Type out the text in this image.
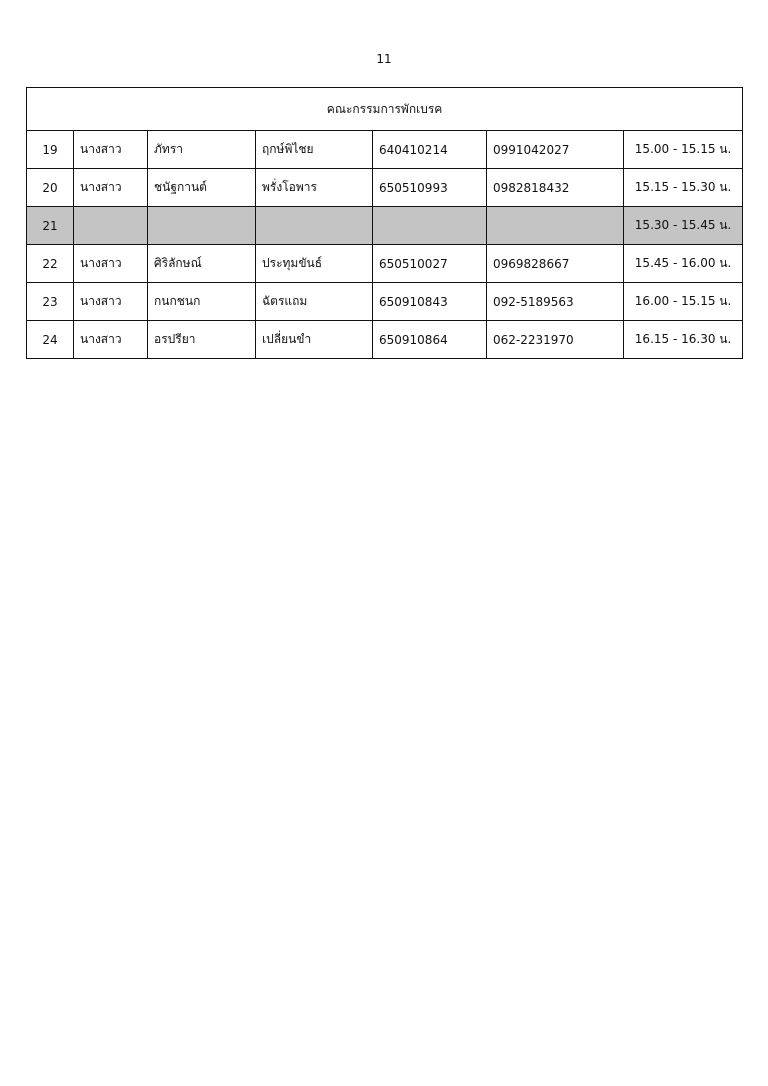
11
คณะกรรมการพักเบรค						
19	นางสาว	ภัทรา	ฤกษ์พิไชย	640410214	0991042027	15.00 - 15.15 น.
20	นางสาว	ชนัฐกานต์	พรั่งโอพาร	650510993	0982818432	15.15 - 15.30 น.
21						15.30 - 15.45 น.
22	นางสาว	ศิริลักษณ์	ประทุมขันธ์	650510027	0969828667	15.45 - 16.00 น.
23	นางสาว	กนกชนก	ฉัตรแถม	650910843	092-5189563	16.00 - 15.15 น.
24	นางสาว	อรปรียา	เปลี่ยนขำ	650910864	062-2231970	16.15 - 16.30 น.
